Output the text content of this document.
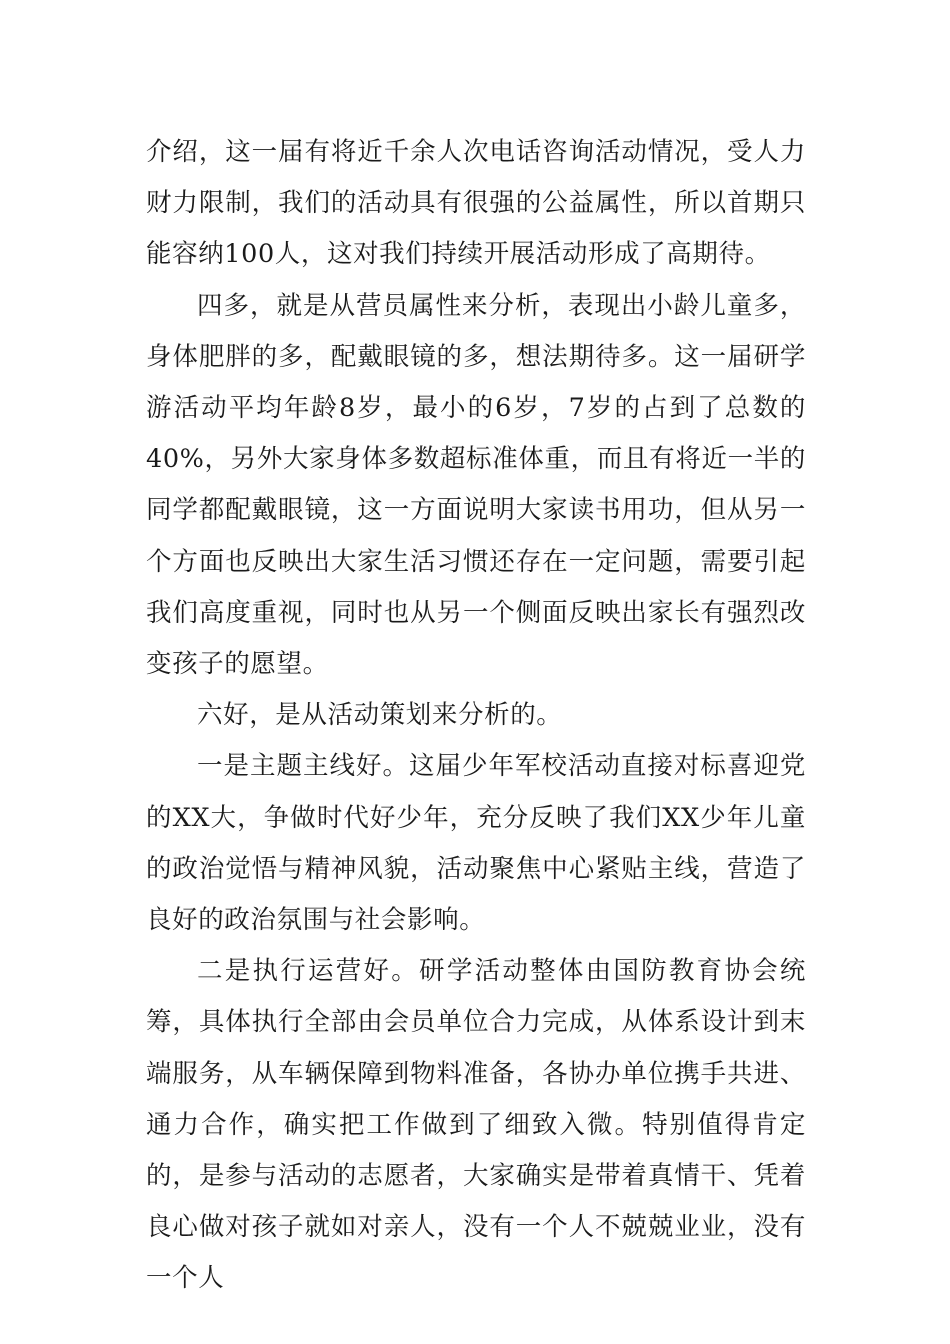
介绍，这一届有将近千余人次电话咨询活动情况，受人力财力限制，我们的活动具有很强的公益属性，所以首期只能容纳100人，这对我们持续开展活动形成了高期待。

四多，就是从营员属性来分析，表现出小龄儿童多，身体肥胖的多，配戴眼镜的多，想法期待多。这一届研学游活动平均年龄8岁，最小的6岁，7岁的占到了总数的40%，另外大家身体多数超标准体重，而且有将近一半的同学都配戴眼镜，这一方面说明大家读书用功，但从另一个方面也反映出大家生活习惯还存在一定问题，需要引起我们高度重视，同时也从另一个侧面反映出家长有强烈改变孩子的愿望。

六好，是从活动策划来分析的。

一是主题主线好。这届少年军校活动直接对标喜迎党的XX大，争做时代好少年，充分反映了我们XX少年儿童的政治觉悟与精神风貌，活动聚焦中心紧贴主线，营造了良好的政治氛围与社会影响。

二是执行运营好。研学活动整体由国防教育协会统筹，具体执行全部由会员单位合力完成，从体系设计到末端服务，从车辆保障到物料准备，各协办单位携手共进、通力合作，确实把工作做到了细致入微。特别值得肯定的，是参与活动的志愿者，大家确实是带着真情干、凭着良心做对孩子就如对亲人，没有一个人不兢兢业业，没有一个人
